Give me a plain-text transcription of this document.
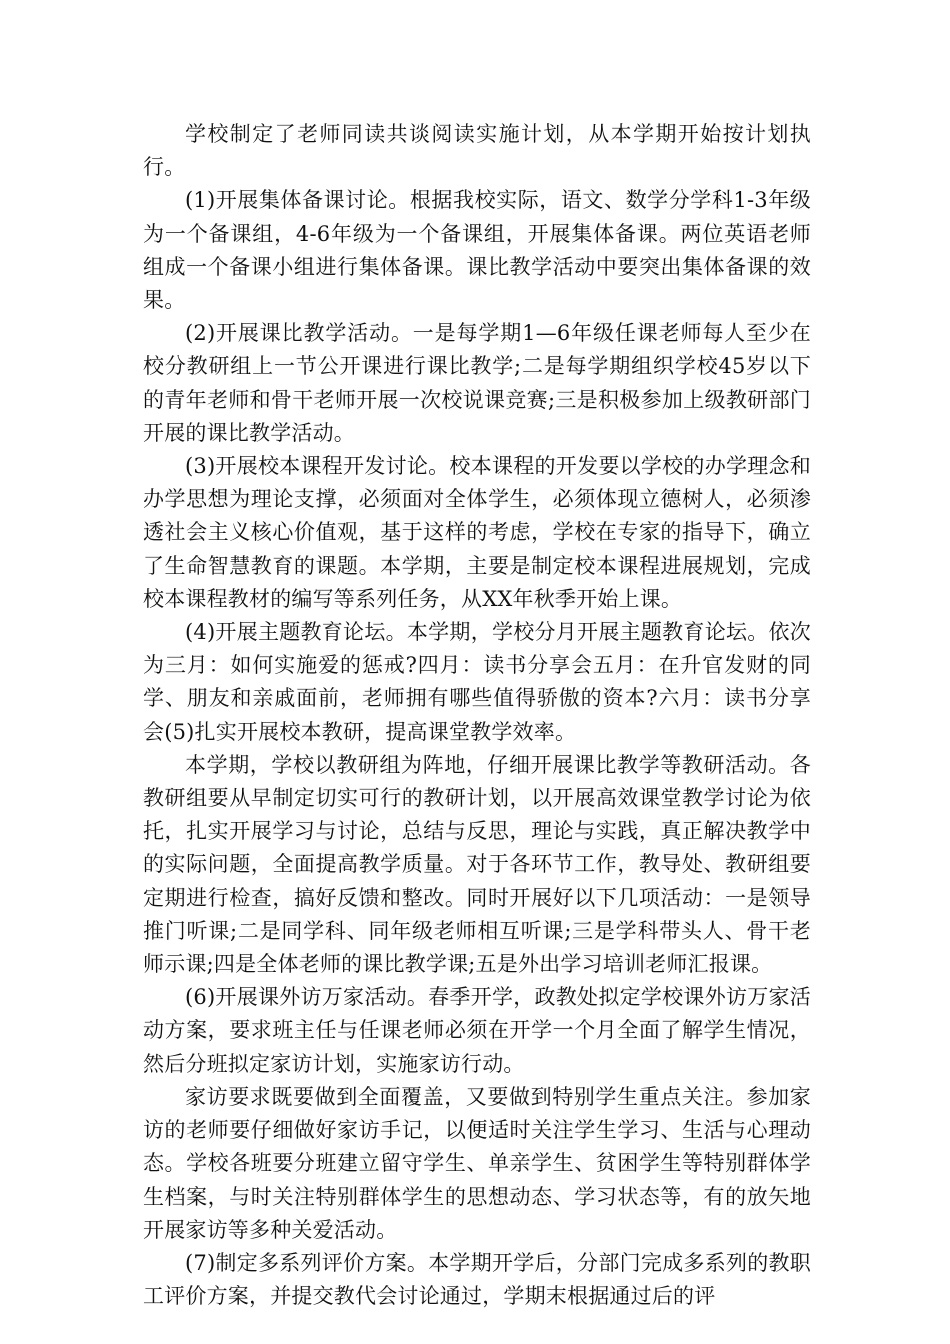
学校制定了老师同读共谈阅读实施计划，从本学期开始按计划执行。

(1)开展集体备课讨论。根据我校实际，语文、数学分学科1-3年级为一个备课组，4-6年级为一个备课组，开展集体备课。两位英语老师组成一个备课小组进行集体备课。课比教学活动中要突出集体备课的效果。

(2)开展课比教学活动。一是每学期1—6年级任课老师每人至少在校分教研组上一节公开课进行课比教学;二是每学期组织学校45岁以下的青年老师和骨干老师开展一次校说课竞赛;三是积极参加上级教研部门开展的课比教学活动。

(3)开展校本课程开发讨论。校本课程的开发要以学校的办学理念和办学思想为理论支撑，必须面对全体学生，必须体现立德树人，必须渗透社会主义核心价值观，基于这样的考虑，学校在专家的指导下，确立了生命智慧教育的课题。本学期，主要是制定校本课程进展规划，完成校本课程教材的编写等系列任务，从XX年秋季开始上课。

(4)开展主题教育论坛。本学期，学校分月开展主题教育论坛。依次为三月：如何实施爱的惩戒?四月：读书分享会五月：在升官发财的同学、朋友和亲戚面前，老师拥有哪些值得骄傲的资本?六月：读书分享会(5)扎实开展校本教研，提高课堂教学效率。

本学期，学校以教研组为阵地，仔细开展课比教学等教研活动。各教研组要从早制定切实可行的教研计划，以开展高效课堂教学讨论为依托，扎实开展学习与讨论，总结与反思，理论与实践，真正解决教学中的实际问题，全面提高教学质量。对于各环节工作，教导处、教研组要定期进行检查，搞好反馈和整改。同时开展好以下几项活动：一是领导推门听课;二是同学科、同年级老师相互听课;三是学科带头人、骨干老师示课;四是全体老师的课比教学课;五是外出学习培训老师汇报课。

(6)开展课外访万家活动。春季开学，政教处拟定学校课外访万家活动方案，要求班主任与任课老师必须在开学一个月全面了解学生情况，然后分班拟定家访计划，实施家访行动。

家访要求既要做到全面覆盖，又要做到特别学生重点关注。参加家访的老师要仔细做好家访手记，以便适时关注学生学习、生活与心理动态。学校各班要分班建立留守学生、单亲学生、贫困学生等特别群体学生档案，与时关注特别群体学生的思想动态、学习状态等，有的放矢地开展家访等多种关爱活动。

(7)制定多系列评价方案。本学期开学后，分部门完成多系列的教职工评价方案，并提交教代会讨论通过，学期末根据通过后的评
